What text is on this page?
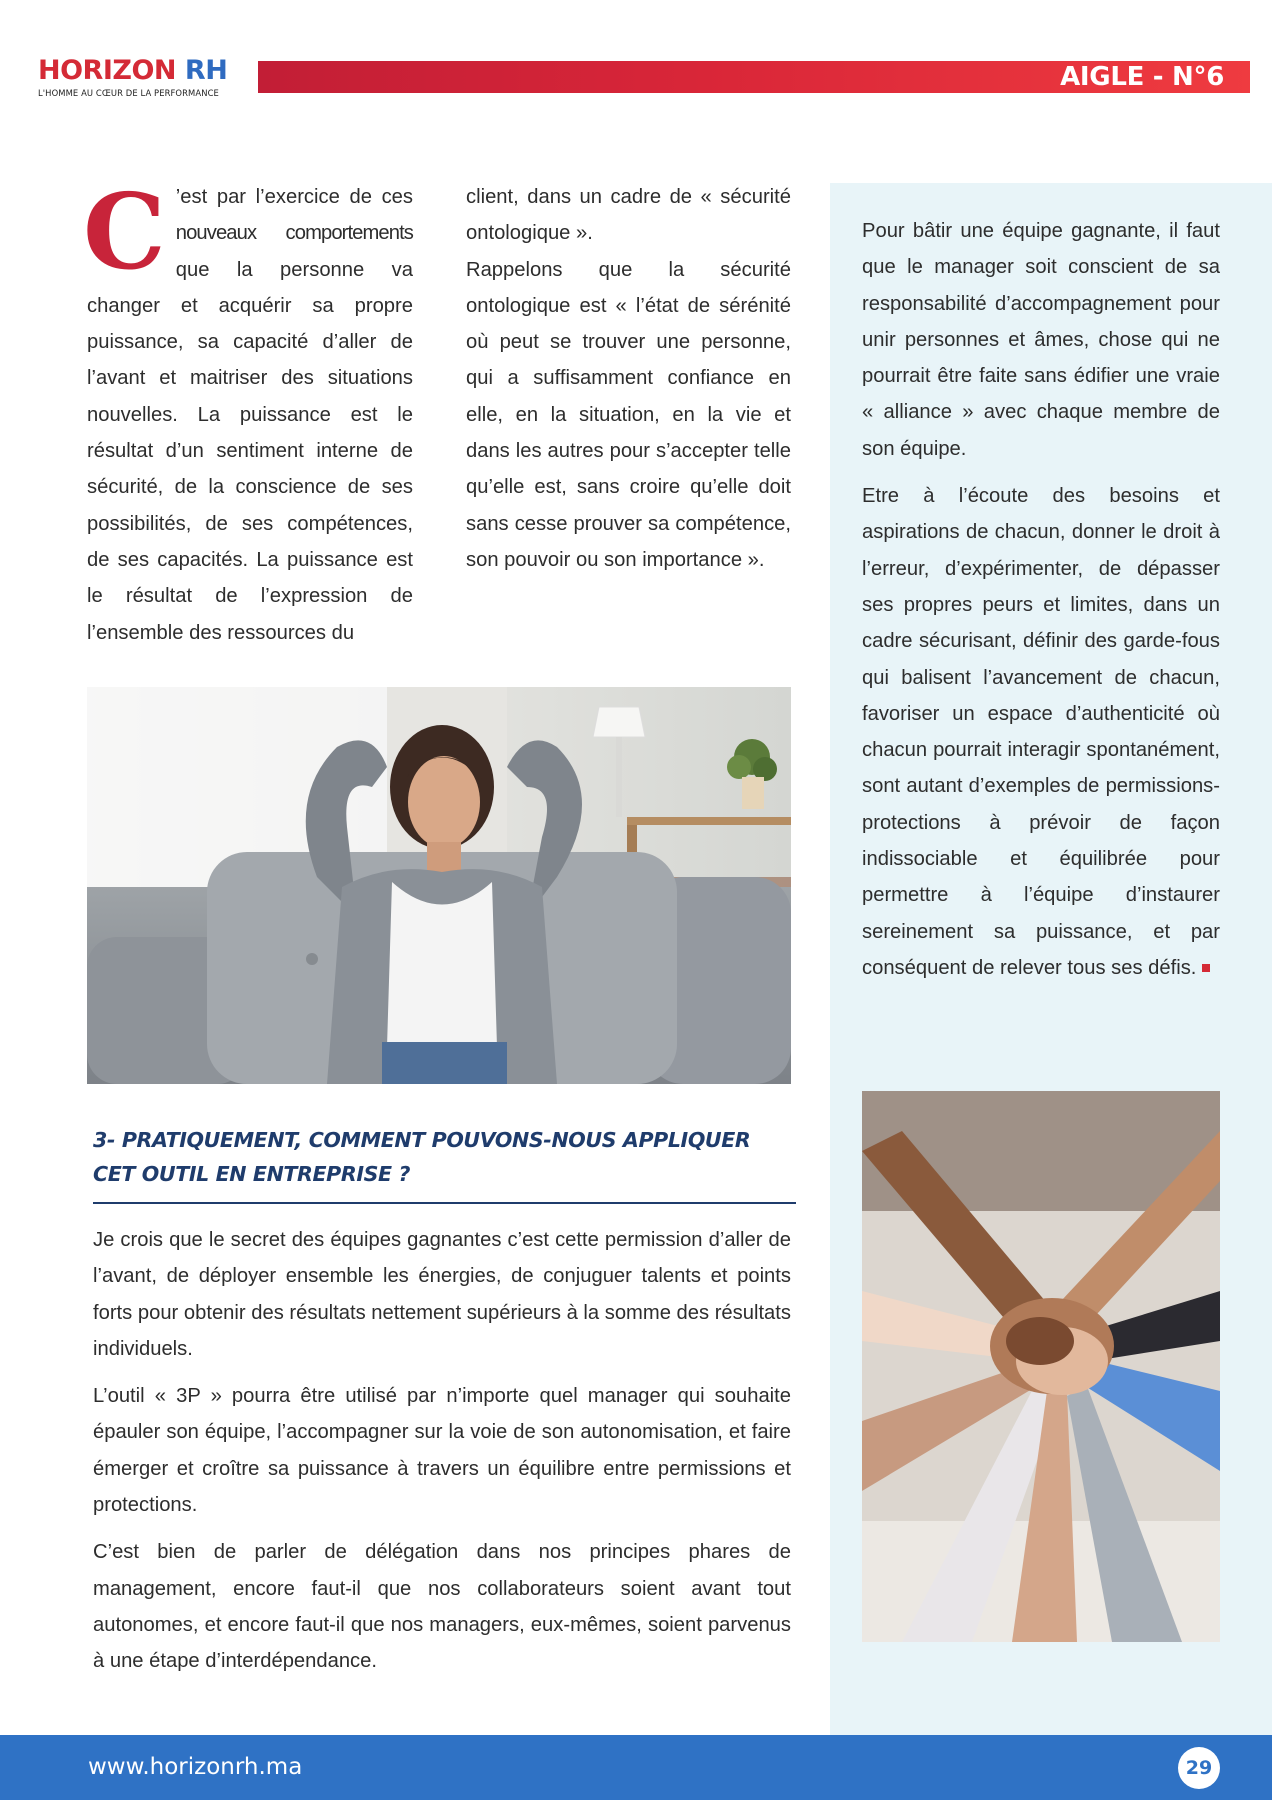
HORIZON RH
L'HOMME AU CŒUR DE LA PERFORMANCE
AIGLE - N°6

C ’est par l’exercice de ces nouveaux comportements que la personne va changer et acquérir sa propre puissance, sa capacité d’aller de l’avant et maitriser des situations nouvelles. La puissance est le résultat d’un sentiment interne de sécurité, de la conscience de ses possibilités, de ses compétences, de ses capacités. La puissance est le résultat de l’expression de l’ensemble des ressources du

client, dans un cadre de « sécurité ontologique ».

Rappelons que la sécurité ontologique est « l’état de sérénité où peut se trouver une personne, qui a suffisamment confiance en elle, en la situation, en la vie et dans les autres pour s’accepter telle qu’elle est, sans croire qu’elle doit sans cesse prouver sa compétence, son pouvoir ou son importance ».

Pour bâtir une équipe gagnante, il faut que le manager soit conscient de sa responsabilité d’accompagnement pour unir personnes et âmes, chose qui ne pourrait être faite sans édifier une vraie « alliance » avec chaque membre de son équipe.

Etre à l’écoute des besoins et aspirations de chacun, donner le droit à l’erreur, d’expérimenter, de dépasser ses propres peurs et limites, dans un cadre sécurisant, définir des garde-fous qui balisent l’avancement de chacun, favoriser un espace d’authenticité où chacun pourrait interagir spontanément, sont autant d’exemples de permissions-protections à prévoir de façon indissociable et équilibrée pour permettre à l’équipe d’instaurer sereinement sa puissance, et par conséquent de relever tous ses défis.

3- PRATIQUEMENT, COMMENT POUVONS-NOUS APPLIQUER CET OUTIL EN ENTREPRISE ?

Je crois que le secret des équipes gagnantes c’est cette permission d’aller de l’avant, de déployer ensemble les énergies, de conjuguer talents et points forts pour obtenir des résultats nettement supérieurs à la somme des résultats individuels.

L’outil « 3P » pourra être utilisé par n’importe quel manager qui souhaite épauler son équipe, l’accompagner sur la voie de son autonomisation, et faire émerger et croître sa puissance à travers un équilibre entre permissions et protections.

C’est bien de parler de délégation dans nos principes phares de management, encore faut-il que nos collaborateurs soient avant tout autonomes, et encore faut-il que nos managers, eux-mêmes, soient parvenus à une étape d’interdépendance.

www.horizonrh.ma	29
